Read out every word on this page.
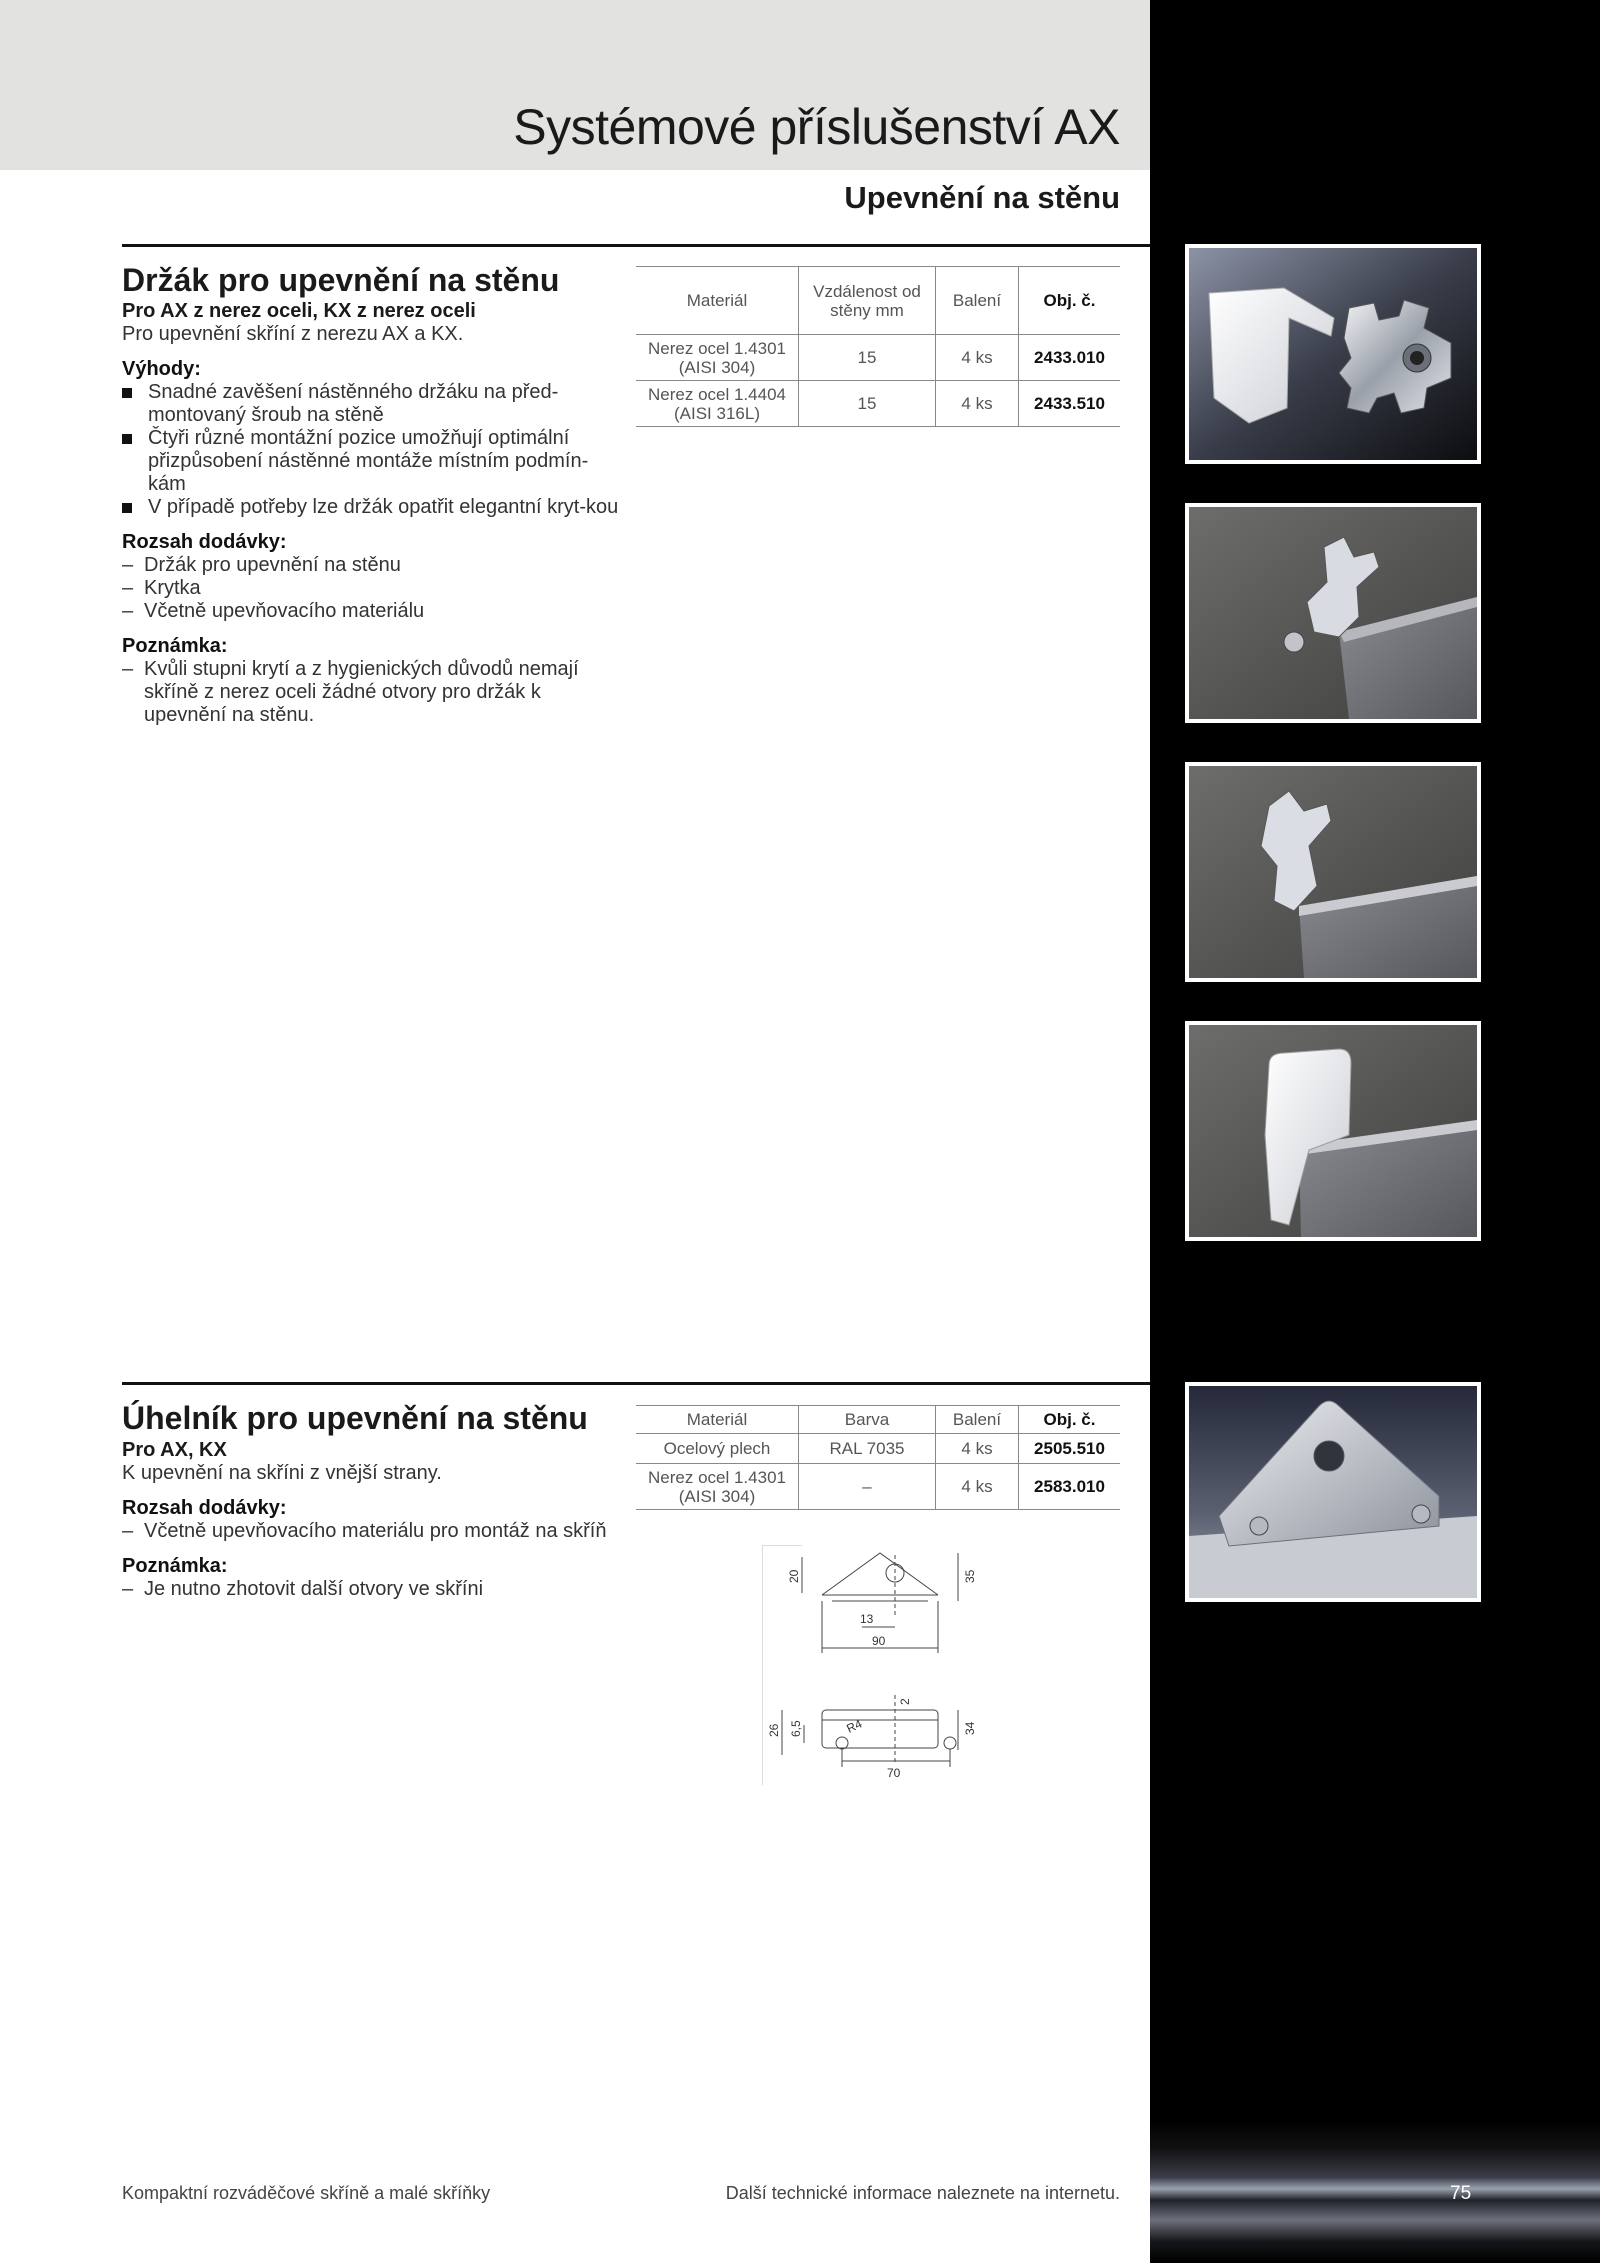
Systémové příslušenství AX
Upevnění na stěnu
Držák pro upevnění na stěnu
Pro AX z nerez oceli, KX z nerez oceli
Pro upevnění skříní z nerezu AX a KX.
Výhody:
Snadné zavěšení nástěnného držáku na před-montovaný šroub na stěně
Čtyři různé montážní pozice umožňují optimální přizpůsobení nástěnné montáže místním podmín-kám
V případě potřeby lze držák opatřit elegantní kryt-kou
Rozsah dodávky:
– Držák pro upevnění na stěnu
– Krytka
– Včetně upevňovacího materiálu
Poznámka:
– Kvůli stupni krytí a z hygienických důvodů nemají skříně z nerez oceli žádné otvory pro držák k upevnění na stěnu.
Materiál	Vzdálenost od stěny mm	Balení	Obj. č.
Nerez ocel 1.4301 (AISI 304)	15	4 ks	2433.010
Nerez ocel 1.4404 (AISI 316L)	15	4 ks	2433.510
Úhelník pro upevnění na stěnu
Pro AX, KX
K upevnění na skříni z vnější strany.
Rozsah dodávky:
– Včetně upevňovacího materiálu pro montáž na skříň
Poznámka:
– Je nutno zhotovit další otvory ve skříni
Materiál	Barva	Balení	Obj. č.
Ocelový plech	RAL 7035	4 ks	2505.510
Nerez ocel 1.4301 (AISI 304)	–	4 ks	2583.010
20	35
13
90
2
26 6,5	R4	34
70
Kompaktní rozváděčové skříně a malé skříňky	Další technické informace naleznete na internetu.	75
